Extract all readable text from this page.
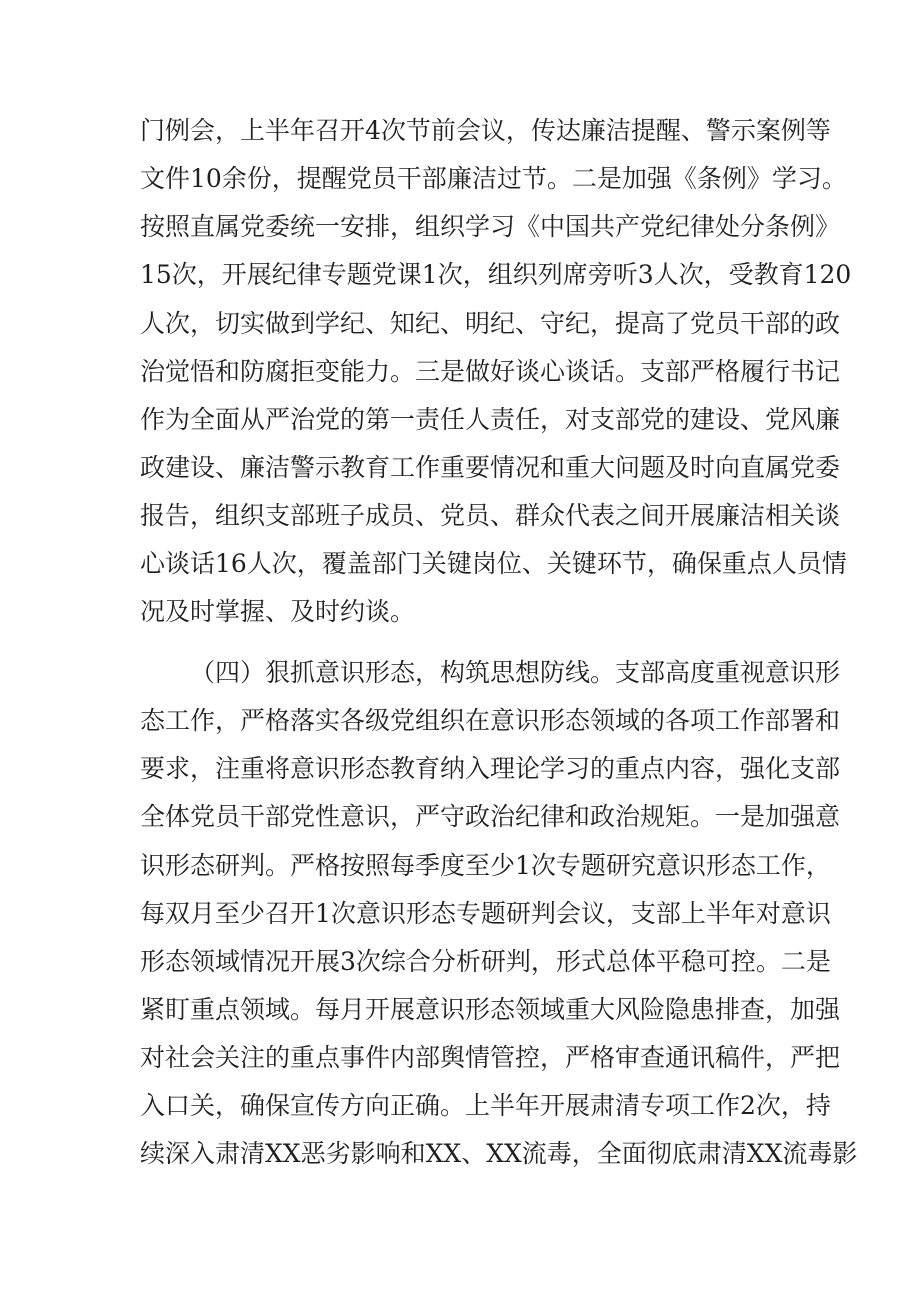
门例会，上半年召开4次节前会议，传达廉洁提醒、警示案例等
文件10余份，提醒党员干部廉洁过节。二是加强《条例》学习。
按照直属党委统一安排，组织学习《中国共产党纪律处分条例》
15次，开展纪律专题党课1次，组织列席旁听3人次，受教育120
人次，切实做到学纪、知纪、明纪、守纪，提高了党员干部的政
治觉悟和防腐拒变能力。三是做好谈心谈话。支部严格履行书记
作为全面从严治党的第一责任人责任，对支部党的建设、党风廉
政建设、廉洁警示教育工作重要情况和重大问题及时向直属党委
报告，组织支部班子成员、党员、群众代表之间开展廉洁相关谈
心谈话16人次，覆盖部门关键岗位、关键环节，确保重点人员情
况及时掌握、及时约谈。
（四）狠抓意识形态，构筑思想防线。支部高度重视意识形
态工作，严格落实各级党组织在意识形态领域的各项工作部署和
要求，注重将意识形态教育纳入理论学习的重点内容，强化支部
全体党员干部党性意识，严守政治纪律和政治规矩。一是加强意
识形态研判。严格按照每季度至少1次专题研究意识形态工作，
每双月至少召开1次意识形态专题研判会议，支部上半年对意识
形态领域情况开展3次综合分析研判，形式总体平稳可控。二是
紧盯重点领域。每月开展意识形态领域重大风险隐患排查，加强
对社会关注的重点事件内部舆情管控，严格审查通讯稿件，严把
入口关，确保宣传方向正确。上半年开展肃清专项工作2次，持
续深入肃清XX恶劣影响和XX、XX流毒，全面彻底肃清XX流毒影
